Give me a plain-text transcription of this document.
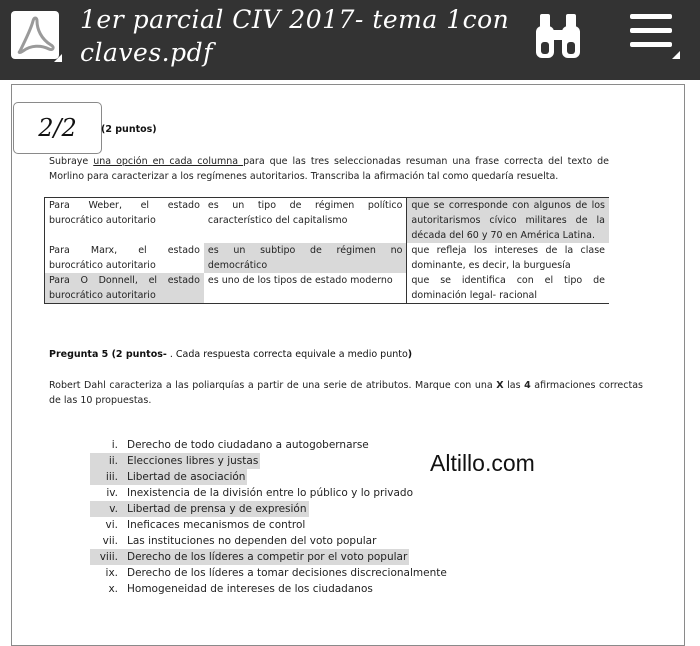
1er parcial CIV 2017- tema 1con claves.pdf
2/2	(2 puntos)
Subraye una opción en cada columna para que las tres seleccionadas resuman una frase correcta del texto de Morlino para caracterizar a los regímenes autoritarios. Transcriba la afirmación tal como quedaría resuelta.
Para Weber, el estado burocrático autoritario	es un tipo de régimen político característico del capitalismo	que se corresponde con algunos de los autoritarismos cívico militares de la década del 60 y 70 en América Latina.
Para Marx, el estado burocrático autoritario	es un subtipo de régimen no democrático	que refleja los intereses de la clase dominante, es decir, la burguesía
Para O Donnell, el estado burocrático autoritario	es uno de los tipos de estado moderno	que se identifica con el tipo de dominación legal- racional
Pregunta 5 (2 puntos- . Cada respuesta correcta equivale a medio punto)
Robert Dahl caracteriza a las poliarquías a partir de una serie de atributos. Marque con una X las 4 afirmaciones correctas de las 10 propuestas.
i. Derecho de todo ciudadano a autogobernarse
ii. Elecciones libres y justas
iii. Libertad de asociación
iv. Inexistencia de la división entre lo público y lo privado
v. Libertad de prensa y de expresión
vi. Ineficaces mecanismos de control
vii. Las instituciones no dependen del voto popular
viii. Derecho de los líderes a competir por el voto popular
ix. Derecho de los líderes a tomar decisiones discrecionalmente
x. Homogeneidad de intereses de los ciudadanos
Altillo.com
